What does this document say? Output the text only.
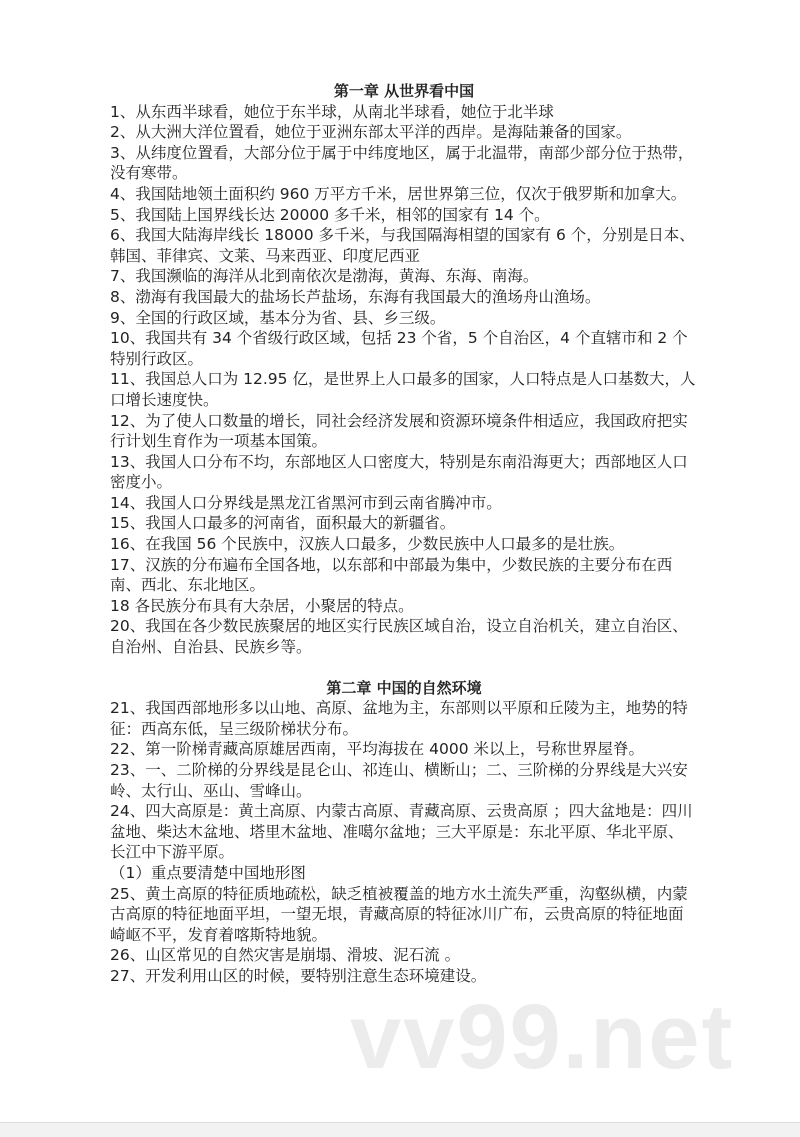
第一章 从世界看中国

1、从东西半球看，她位于东半球，从南北半球看，她位于北半球

2、从大洲大洋位置看，她位于亚洲东部太平洋的西岸。是海陆兼备的国家。

3、从纬度位置看，大部分位于属于中纬度地区，属于北温带，南部少部分位于热带，没有寒带。

4、我国陆地领土面积约 960 万平方千米，居世界第三位，仅次于俄罗斯和加拿大。

5、我国陆上国界线长达 20000 多千米，相邻的国家有 14 个。

6、我国大陆海岸线长 18000 多千米，与我国隔海相望的国家有 6 个，分别是日本、韩国、菲律宾、文莱、马来西亚、印度尼西亚

7、我国濒临的海洋从北到南依次是渤海，黄海、东海、南海。

8、渤海有我国最大的盐场长芦盐场，东海有我国最大的渔场舟山渔场。

9、全国的行政区域，基本分为省、县、乡三级。

10、我国共有 34 个省级行政区域，包括 23 个省，5 个自治区，4 个直辖市和 2 个特别行政区。

11、我国总人口为 12.95 亿，是世界上人口最多的国家，人口特点是人口基数大，人口增长速度快。

12、为了使人口数量的增长，同社会经济发展和资源环境条件相适应，我国政府把实行计划生育作为一项基本国策。

13、我国人口分布不均，东部地区人口密度大，特别是东南沿海更大；西部地区人口密度小。

14、我国人口分界线是黑龙江省黑河市到云南省腾冲市。

15、我国人口最多的河南省，面积最大的新疆省。

16、在我国 56 个民族中，汉族人口最多，少数民族中人口最多的是壮族。

17、汉族的分布遍布全国各地，以东部和中部最为集中，少数民族的主要分布在西南、西北、东北地区。

18 各民族分布具有大杂居，小聚居的特点。

20、我国在各少数民族聚居的地区实行民族区域自治，设立自治机关，建立自治区、自治州、自治县、民族乡等。

第二章 中国的自然环境

21、我国西部地形多以山地、高原、盆地为主，东部则以平原和丘陵为主，地势的特征：西高东低，呈三级阶梯状分布。

22、第一阶梯青藏高原雄居西南，平均海拔在 4000 米以上，号称世界屋脊。

23、一、二阶梯的分界线是昆仑山、祁连山、横断山；二、三阶梯的分界线是大兴安岭、太行山、巫山、雪峰山。

24、四大高原是：黄土高原、内蒙古高原、青藏高原、云贵高原 ；四大盆地是：四川盆地、柴达木盆地、塔里木盆地、准噶尔盆地；三大平原是：东北平原、华北平原、长江中下游平原。

（1）重点要清楚中国地形图

25、黄土高原的特征质地疏松，缺乏植被覆盖的地方水土流失严重，沟壑纵横，内蒙古高原的特征地面平坦，一望无垠，青藏高原的特征冰川广布，云贵高原的特征地面崎岖不平，发育着喀斯特地貌。

26、山区常见的自然灾害是崩塌、滑坡、泥石流 。

27、开发利用山区的时候，要特别注意生态环境建设。

vv99.net
